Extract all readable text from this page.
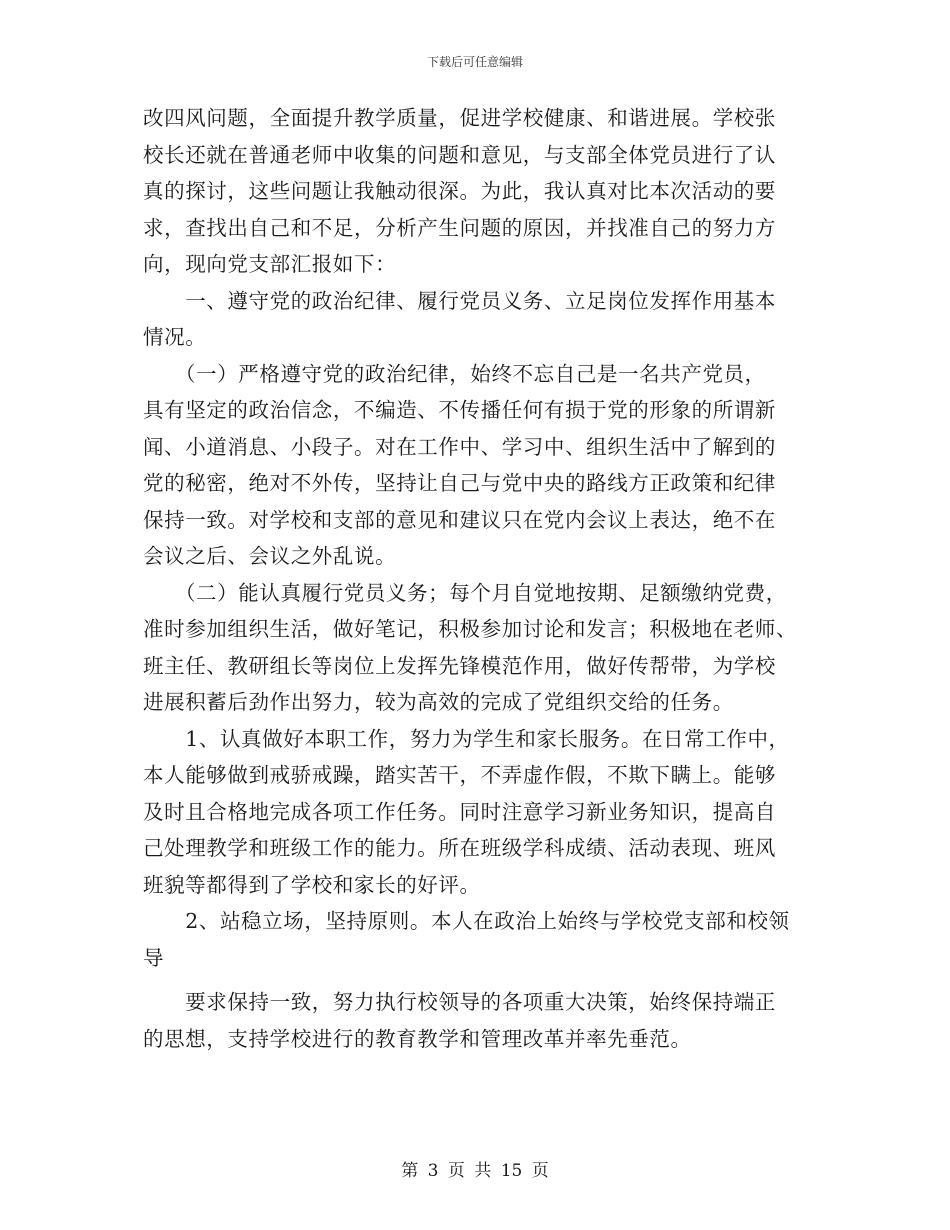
下载后可任意编辑
改四风问题，全面提升教学质量，促进学校健康、和谐进展。学校张
校长还就在普通老师中收集的问题和意见，与支部全体党员进行了认
真的探讨，这些问题让我触动很深。为此，我认真对比本次活动的要
求，查找出自己和不足，分析产生问题的原因，并找准自己的努力方
向，现向党支部汇报如下：
　　一、遵守党的政治纪律、履行党员义务、立足岗位发挥作用基本
情况。
　　（一）严格遵守党的政治纪律，始终不忘自己是一名共产党员，
具有坚定的政治信念，不编造、不传播任何有损于党的形象的所谓新
闻、小道消息、小段子。对在工作中、学习中、组织生活中了解到的
党的秘密，绝对不外传，坚持让自己与党中央的路线方正政策和纪律
保持一致。对学校和支部的意见和建议只在党内会议上表达，绝不在
会议之后、会议之外乱说。
　　（二）能认真履行党员义务；每个月自觉地按期、足额缴纳党费，
准时参加组织生活，做好笔记，积极参加讨论和发言；积极地在老师、
班主任、教研组长等岗位上发挥先锋模范作用，做好传帮带，为学校
进展积蓄后劲作出努力，较为高效的完成了党组织交给的任务。
　　1、认真做好本职工作，努力为学生和家长服务。在日常工作中，
本人能够做到戒骄戒躁，踏实苦干，不弄虚作假，不欺下瞒上。能够
及时且合格地完成各项工作任务。同时注意学习新业务知识，提高自
己处理教学和班级工作的能力。所在班级学科成绩、活动表现、班风
班貌等都得到了学校和家长的好评。
　　2、站稳立场，坚持原则。本人在政治上始终与学校党支部和校领
导
　　要求保持一致，努力执行校领导的各项重大决策，始终保持端正
的思想，支持学校进行的教育教学和管理改革并率先垂范。
第 3 页 共 15 页
